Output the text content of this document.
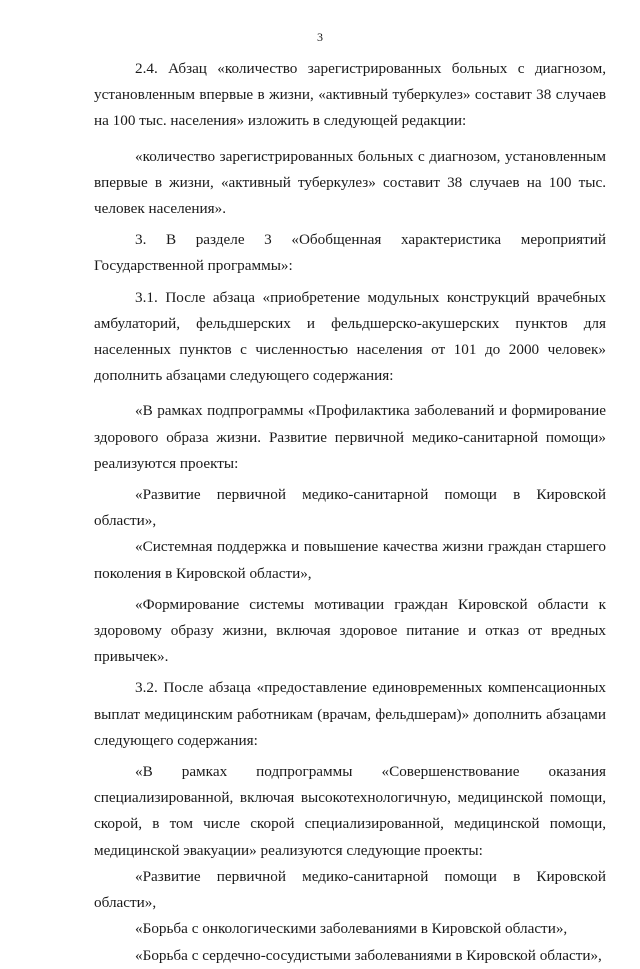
3

2.4. Абзац «количество зарегистрированных больных с диагнозом, установленным впервые в жизни, «активный туберкулез» составит 38 случаев на 100 тыс. населения» изложить в следующей редакции:

«количество зарегистрированных больных с диагнозом, установленным впервые в жизни, «активный туберкулез» составит 38 случаев на 100 тыс. человек населения».

3. В разделе 3 «Обобщенная характеристика мероприятий Государственной программы»:

3.1. После абзаца «приобретение модульных конструкций врачебных амбулаторий, фельдшерских и фельдшерско-акушерских пунктов для населенных пунктов с численностью населения от 101 до 2000 человек» дополнить абзацами следующего содержания:

«В рамках подпрограммы «Профилактика заболеваний и формирование здорового образа жизни. Развитие первичной медико-санитарной помощи» реализуются проекты:

«Развитие первичной медико-санитарной помощи в Кировской области»,

«Системная поддержка и повышение качества жизни граждан старшего поколения в Кировской области»,

«Формирование системы мотивации граждан Кировской области к здоровому образу жизни, включая здоровое питание и отказ от вредных привычек».

3.2. После абзаца «предоставление единовременных компенсационных выплат медицинским работникам (врачам, фельдшерам)» дополнить абзацами следующего содержания:

«В рамках подпрограммы «Совершенствование оказания специализированной, включая высокотехнологичную, медицинской помощи, скорой, в том числе скорой специализированной, медицинской помощи, медицинской эвакуации» реализуются следующие проекты:

«Развитие первичной медико-санитарной помощи в Кировской области»,

«Борьба с онкологическими заболеваниями в Кировской области»,

«Борьба с сердечно-сосудистыми заболеваниями в Кировской области»,
